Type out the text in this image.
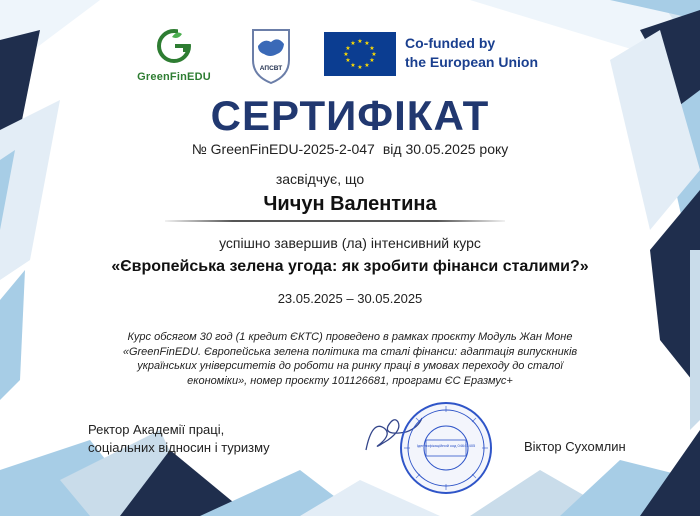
GreenFinEDU
АПСВТ
★ ★
★
★
★
★
★
★
★
★
★
★	Co-funded by
the European Union
СЕРТИФІКАТ
№ GreenFinEDU-2025-2-047 від 30.05.2025 року
засвідчує, що
Чичун Валентина
успішно завершив (ла) інтенсивний курс
«Європейська зелена угода: як зробити фінанси сталими?»
23.05.2025 – 30.05.2025
Курс обсягом 30 год (1 кредит ЄКТС) проведено в рамках проєкту Модуль Жан Моне
«GreenFinEDU. Європейська зелена політика та сталі фінанси: адаптація випускників
українських університетів до роботи на ринку праці в умовах переходу до сталої
економіки», номер проєкту 101126681, програми ЄС Еразмус+
Ректор Академії праці,
соціальних відносин і туризму	Ідентифікаційний код 04641405	Віктор Сухомлин
